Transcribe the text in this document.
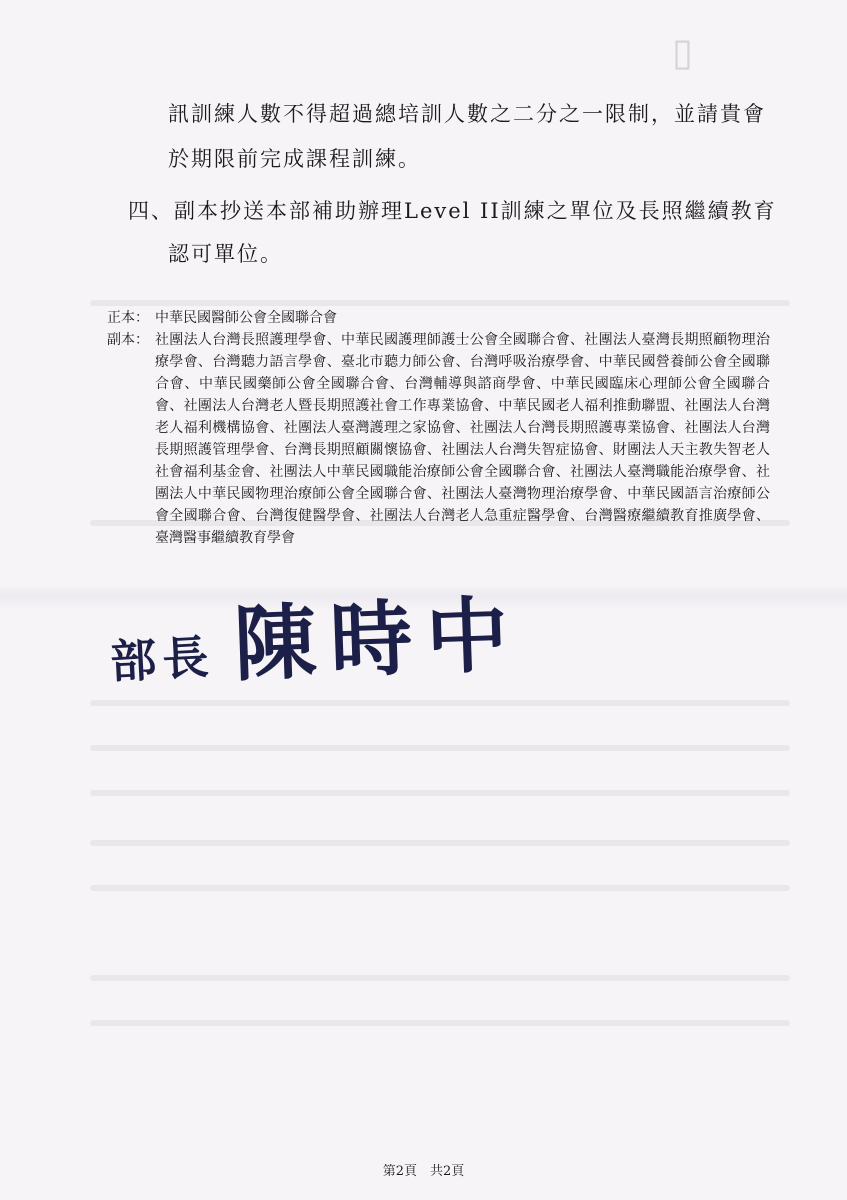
▯
訊訓練人數不得超過總培訓人數之二分之一限制，並請貴會
於期限前完成課程訓練。
四、副本抄送本部補助辦理Level II訓練之單位及長照繼續教育
認可單位。
正本： 中華民國醫師公會全國聯合會
副本： 社團法人台灣長照護理學會、中華民國護理師護士公會全國聯合會、社團法人臺灣長期照顧物理治療學會、台灣聽力語言學會、臺北市聽力師公會、台灣呼吸治療學會、中華民國營養師公會全國聯合會、中華民國藥師公會全國聯合會、台灣輔導與諮商學會、中華民國臨床心理師公會全國聯合會、社團法人台灣老人暨長期照護社會工作專業協會、中華民國老人福利推動聯盟、社團法人台灣老人福利機構協會、社團法人臺灣護理之家協會、社團法人台灣長期照護專業協會、社團法人台灣長期照護管理學會、台灣長期照顧關懷協會、社團法人台灣失智症協會、財團法人天主教失智老人社會福利基金會、社團法人中華民國職能治療師公會全國聯合會、社團法人臺灣職能治療學會、社團法人中華民國物理治療師公會全國聯合會、社團法人臺灣物理治療學會、中華民國語言治療師公會全國聯合會、台灣復健醫學會、社團法人台灣老人急重症醫學會、台灣醫療繼續教育推廣學會、臺灣醫事繼續教育學會
部長 陳時中
第2頁　共2頁
